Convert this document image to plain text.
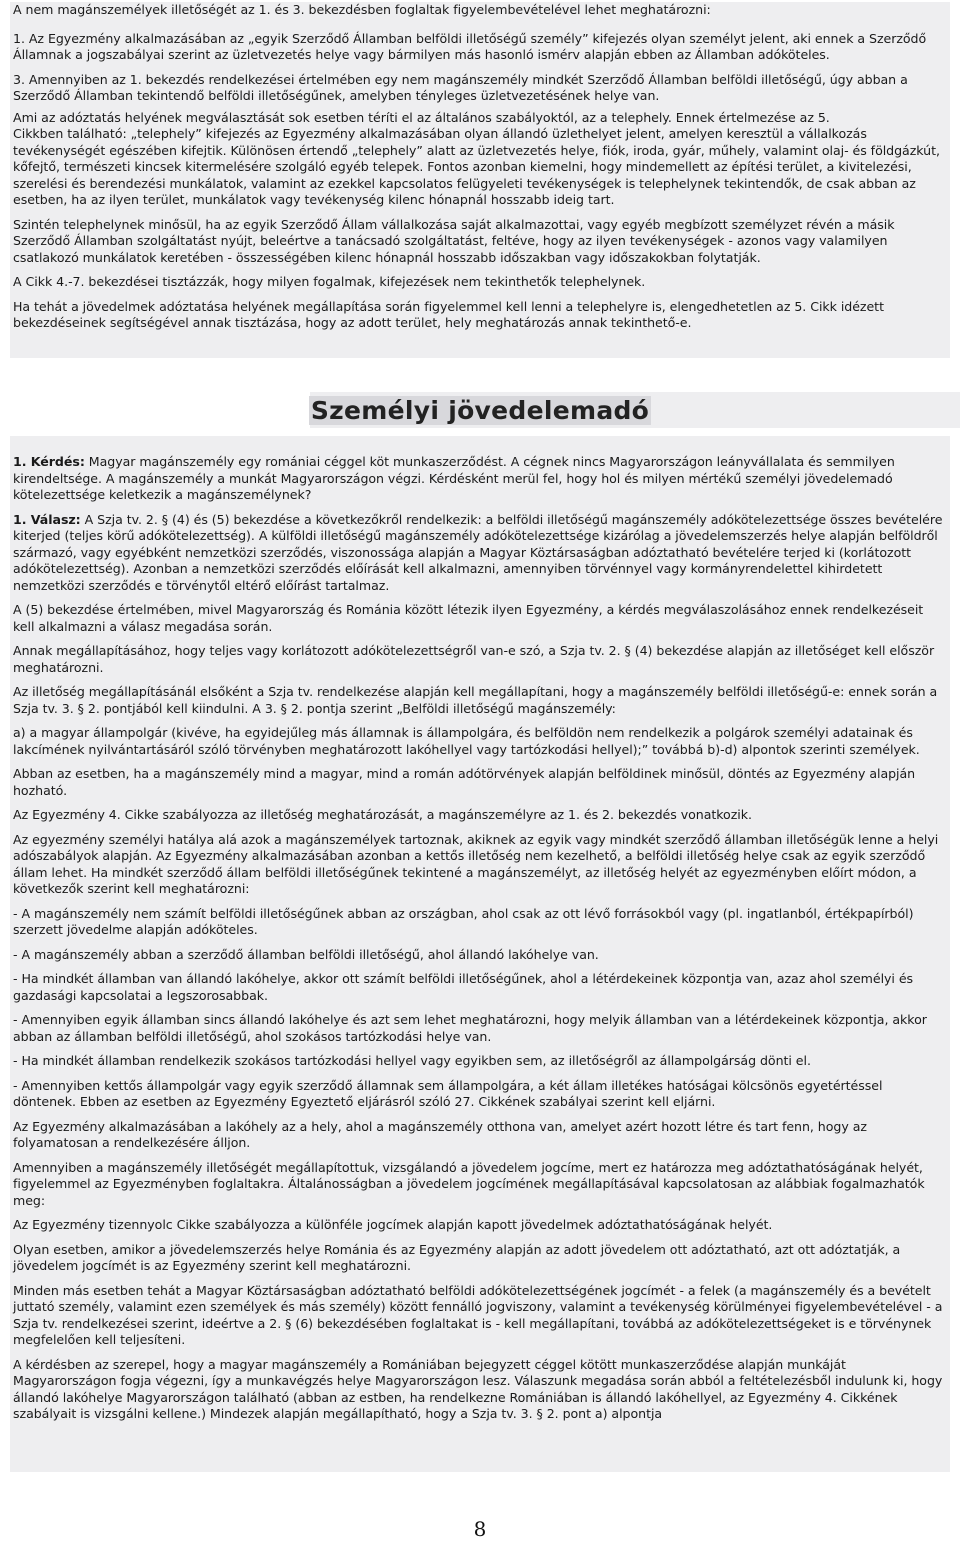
A nem magánszemélyek illetőségét az 1. és 3. bekezdésben foglaltak figyelembevételével lehet meghatározni:

1. Az Egyezmény alkalmazásában az „egyik Szerződő Államban belföldi illetőségű személy” kifejezés olyan személyt jelent, aki ennek a Szerződő Államnak a jogszabályai szerint az üzletvezetés helye vagy bármilyen más hasonló ismérv alapján ebben az Államban adóköteles.

3. Amennyiben az 1. bekezdés rendelkezései értelmében egy nem magánszemély mindkét Szerződő Államban belföldi illetőségű, úgy abban a Szerződő Államban tekintendő belföldi illetőségűnek, amelyben tényleges üzletvezetésének helye van.

Ami az adóztatás helyének megválasztását sok esetben téríti el az általános szabályoktól, az a telephely. Ennek értelmezése az 5.

Cikkben található: „telephely” kifejezés az Egyezmény alkalmazásában olyan állandó üzlethelyet jelent, amelyen keresztül a vállalkozás tevékenységét egészében kifejtik. Különösen értendő „telephely” alatt az üzletvezetés helye, fiók, iroda, gyár, műhely, valamint olaj- és földgázkút, kőfejtő, természeti kincsek kitermelésére szolgáló egyéb telepek. Fontos azonban kiemelni, hogy mindemellett az építési terület, a kivitelezési, szerelési és berendezési munkálatok, valamint az ezekkel kapcsolatos felügyeleti tevékenységek is telephelynek tekintendők, de csak abban az esetben, ha az ilyen terület, munkálatok vagy tevékenység kilenc hónapnál hosszabb ideig tart.

Szintén telephelynek minősül, ha az egyik Szerződő Állam vállalkozása saját alkalmazottai, vagy egyéb megbízott személyzet révén a másik Szerződő Államban szolgáltatást nyújt, beleértve a tanácsadó szolgáltatást, feltéve, hogy az ilyen tevékenységek - azonos vagy valamilyen csatlakozó munkálatok keretében - összességében kilenc hónapnál hosszabb időszakban vagy időszakokban folytatják.

A Cikk 4.-7. bekezdései tisztázzák, hogy milyen fogalmak, kifejezések nem tekinthetők telephelynek.

Ha tehát a jövedelmek adóztatása helyének megállapítása során figyelemmel kell lenni a telephelyre is, elengedhetetlen az 5. Cikk idézett bekezdéseinek segítségével annak tisztázása, hogy az adott terület, hely meghatározás annak tekinthető-e.

Személyi jövedelemadó

1. Kérdés: Magyar magánszemély egy romániai céggel köt munkaszerződést. A cégnek nincs Magyarországon leányvállalata és semmilyen kirendeltsége. A magánszemély a munkát Magyarországon végzi. Kérdésként merül fel, hogy hol és milyen mértékű személyi jövedelemadó kötelezettsége keletkezik a magánszemélynek?

1. Válasz: A Szja tv. 2. § (4) és (5) bekezdése a következőkről rendelkezik: a belföldi illetőségű magánszemély adókötelezettsége összes bevételére kiterjed (teljes körű adókötelezettség). A külföldi illetőségű magánszemély adókötelezettsége kizárólag a jövedelemszerzés helye alapján belföldről származó, vagy egyébként nemzetközi szerződés, viszonossága alapján a Magyar Köztársaságban adóztatható bevételére terjed ki (korlátozott adókötelezettség). Azonban a nemzetközi szerződés előírását kell alkalmazni, amennyiben törvénnyel vagy kormányrendelettel kihirdetett nemzetközi szerződés e törvénytől eltérő előírást tartalmaz.

A (5) bekezdése értelmében, mivel Magyarország és Románia között létezik ilyen Egyezmény, a kérdés megválaszolásához ennek rendelkezéseit kell alkalmazni a válasz megadása során.

Annak megállapításához, hogy teljes vagy korlátozott adókötelezettségről van-e szó, a Szja tv. 2. § (4) bekezdése alapján az illetőséget kell először meghatározni.

Az illetőség megállapításánál elsőként a Szja tv. rendelkezése alapján kell megállapítani, hogy a magánszemély belföldi illetőségű-e: ennek során a Szja tv. 3. § 2. pontjából kell kiindulni. A 3. § 2. pontja szerint „Belföldi illetőségű magánszemély:

a) a magyar állampolgár (kivéve, ha egyidejűleg más államnak is állampolgára, és belföldön nem rendelkezik a polgárok személyi adatainak és lakcímének nyilvántartásáról szóló törvényben meghatározott lakóhellyel vagy tartózkodási hellyel);” továbbá b)-d) alpontok szerinti személyek.

Abban az esetben, ha a magánszemély mind a magyar, mind a román adótörvények alapján belföldinek minősül, döntés az Egyezmény alapján hozható.

Az Egyezmény 4. Cikke szabályozza az illetőség meghatározását, a magánszemélyre az 1. és 2. bekezdés vonatkozik.

Az egyezmény személyi hatálya alá azok a magánszemélyek tartoznak, akiknek az egyik vagy mindkét szerződő államban illetőségük lenne a helyi adószabályok alapján. Az Egyezmény alkalmazásában azonban a kettős illetőség nem kezelhető, a belföldi illetőség helye csak az egyik szerződő állam lehet. Ha mindkét szerződő állam belföldi illetőségűnek tekintené a magánszemélyt, az illetőség helyét az egyezményben előírt módon, a következők szerint kell meghatározni:

- A magánszemély nem számít belföldi illetőségűnek abban az országban, ahol csak az ott lévő forrásokból vagy (pl. ingatlanból, értékpapírból) szerzett jövedelme alapján adóköteles.

- A magánszemély abban a szerződő államban belföldi illetőségű, ahol állandó lakóhelye van.

- Ha mindkét államban van állandó lakóhelye, akkor ott számít belföldi illetőségűnek, ahol a létérdekeinek központja van, azaz ahol személyi és gazdasági kapcsolatai a legszorosabbak.

- Amennyiben egyik államban sincs állandó lakóhelye és azt sem lehet meghatározni, hogy melyik államban van a létérdekeinek központja, akkor abban az államban belföldi illetőségű, ahol szokásos tartózkodási helye van.

- Ha mindkét államban rendelkezik szokásos tartózkodási hellyel vagy egyikben sem, az illetőségről az állampolgárság dönti el.

- Amennyiben kettős állampolgár vagy egyik szerződő államnak sem állampolgára, a két állam illetékes hatóságai kölcsönös egyetértéssel döntenek. Ebben az esetben az Egyezmény Egyeztető eljárásról szóló 27. Cikkének szabályai szerint kell eljárni.

Az Egyezmény alkalmazásában a lakóhely az a hely, ahol a magánszemély otthona van, amelyet azért hozott létre és tart fenn, hogy az folyamatosan a rendelkezésére álljon.

Amennyiben a magánszemély illetőségét megállapítottuk, vizsgálandó a jövedelem jogcíme, mert ez határozza meg adóztathatóságának helyét, figyelemmel az Egyezményben foglaltakra. Általánosságban a jövedelem jogcímének megállapításával kapcsolatosan az alábbiak fogalmazhatók meg:

Az Egyezmény tizennyolc Cikke szabályozza a különféle jogcímek alapján kapott jövedelmek adóztathatóságának helyét.

Olyan esetben, amikor a jövedelemszerzés helye Románia és az Egyezmény alapján az adott jövedelem ott adóztatható, azt ott adóztatják, a jövedelem jogcímét is az Egyezmény szerint kell meghatározni.

Minden más esetben tehát a Magyar Köztársaságban adóztatható belföldi adókötelezettségének jogcímét - a felek (a magánszemély és a bevételt juttató személy, valamint ezen személyek és más személy) között fennálló jogviszony, valamint a tevékenység körülményei figyelembevételével - a Szja tv. rendelkezései szerint, ideértve a 2. § (6) bekezdésében foglaltakat is - kell megállapítani, továbbá az adókötelezettségeket is e törvénynek megfelelően kell teljesíteni.

A kérdésben az szerepel, hogy a magyar magánszemély a Romániában bejegyzett céggel kötött munkaszerződése alapján munkáját Magyarországon fogja végezni, így a munkavégzés helye Magyarországon lesz. Válaszunk megadása során abból a feltételezésből indulunk ki, hogy állandó lakóhelye Magyarországon található (abban az estben, ha rendelkezne Romániában is állandó lakóhellyel, az Egyezmény 4. Cikkének szabályait is vizsgálni kellene.) Mindezek alapján megállapítható, hogy a Szja tv. 3. § 2. pont a) alpontja

8
